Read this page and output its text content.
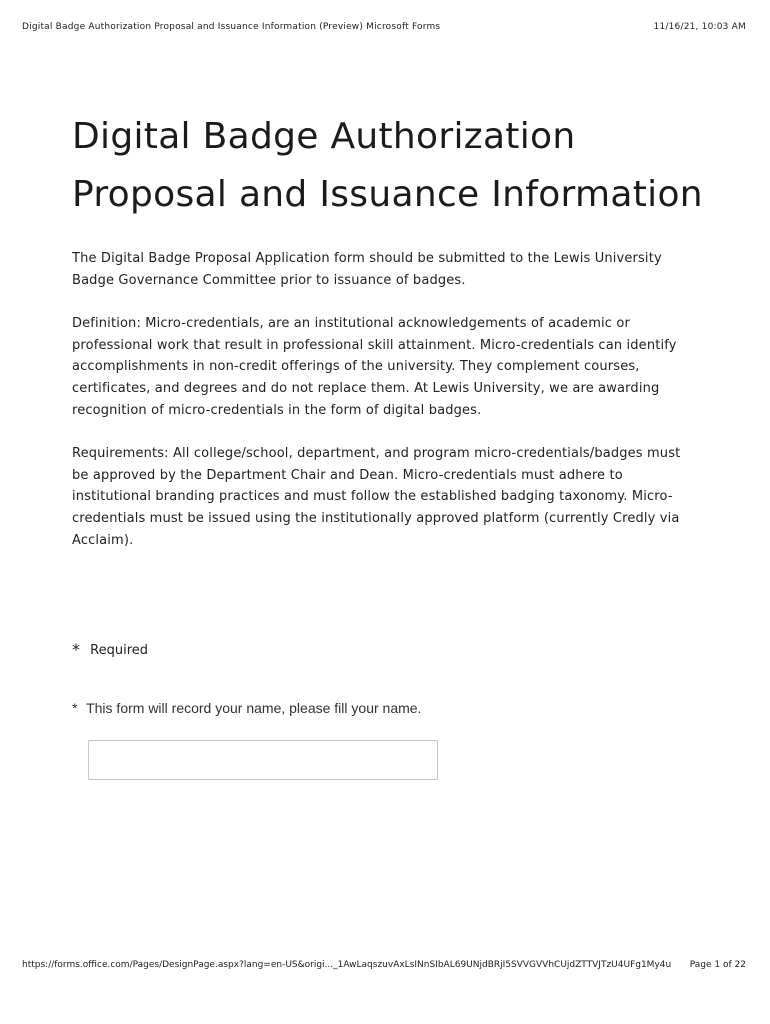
Digital Badge Authorization Proposal and Issuance Information (Preview) Microsoft Forms	11/16/21, 10:03 AM
Digital Badge Authorization Proposal and Issuance Information

The Digital Badge Proposal Application form should be submitted to the Lewis University Badge Governance Committee prior to issuance of badges.

Definition: Micro-credentials, are an institutional acknowledgements of academic or professional work that result in professional skill attainment. Micro-credentials can identify accomplishments in non-credit offerings of the university. They complement courses, certificates, and degrees and do not replace them. At Lewis University, we are awarding recognition of micro-credentials in the form of digital badges.

Requirements: All college/school, department, and program micro-credentials/badges must be approved by the Department Chair and Dean. Micro-credentials must adhere to institutional branding practices and must follow the established badging taxonomy. Micro-credentials must be issued using the institutionally approved platform (currently Credly via Acclaim).

* Required
* This form will record your name, please fill your name.
https://forms.office.com/Pages/DesignPage.aspx?lang=en-US&origi..._1AwLaqszuvAxLsINnSIbAL69UNjdBRjI5SVVGVVhCUjdZTTVJTzU4UFg1My4u Page 1 of 22
